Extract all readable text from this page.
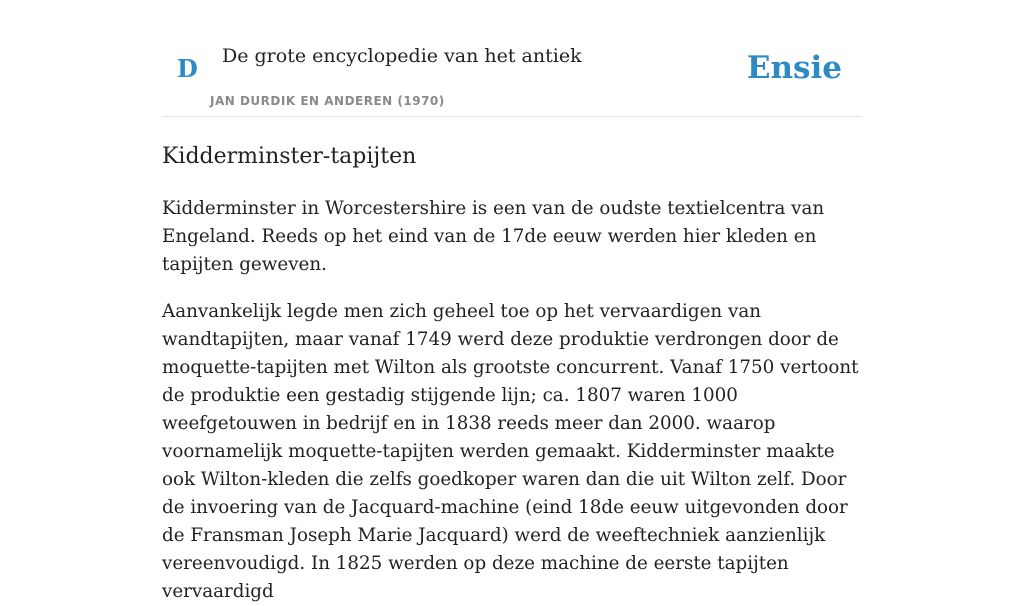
D De grote encyclopedie van het antiek
JAN DURDIK EN ANDEREN (1970)
Ensie
Kidderminster-tapijten

Kidderminster in Worcestershire is een van de oudste textielcentra van Engeland. Reeds op het eind van de 17de eeuw werden hier kleden en tapijten geweven.

Aanvankelijk legde men zich geheel toe op het vervaardigen van wandtapijten, maar vanaf 1749 werd deze produktie verdrongen door de moquette-tapijten met Wilton als grootste concurrent. Vanaf 1750 vertoont de produktie een gestadig stijgende lijn; ca. 1807 waren 1000 weefgetouwen in bedrijf en in 1838 reeds meer dan 2000. waarop voornamelijk moquette-tapijten werden gemaakt. Kidderminster maakte ook Wilton-kleden die zelfs goedkoper waren dan die uit Wilton zelf. Door de invoering van de Jacquard-machine (eind 18de eeuw uitgevonden door de Fransman Joseph Marie Jacquard) werd de weeftechniek aanzienlijk vereenvoudigd. In 1825 werden op deze machine de eerste tapijten vervaardigd
